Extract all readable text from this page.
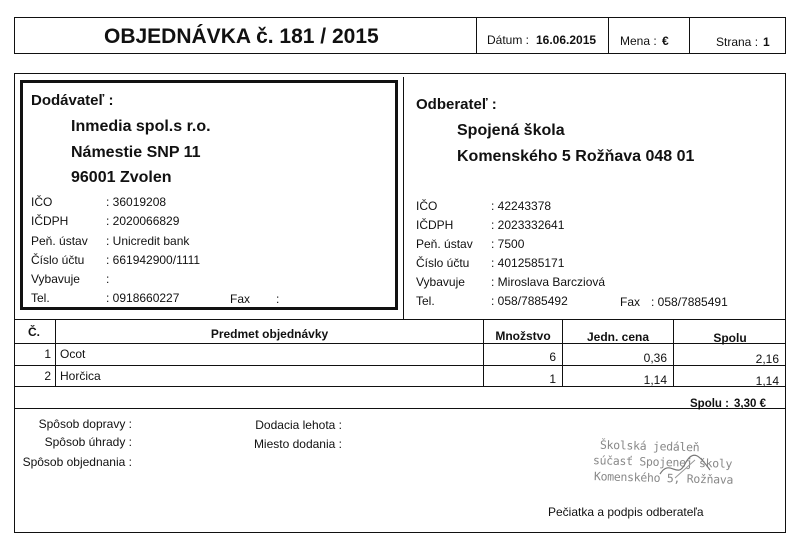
OBJEDNÁVKA č. 181 / 2015	Dátum : 16.06.2015 Mena : €	Strana : 1
Dodávateľ :
Inmedia spol.s r.o.
Námestie SNP 11
96001 Zvolen
IČO	: 36019208
IČDPH	: 2020066829
Peň. ústav : Unicredit bank
Číslo účtu : 661942900/1111
Vybavuje :
Tel.	: 0918660227	Fax :
Odberateľ :
Spojená škola
Komenského 5 Rožňava 048 01
IČO	: 42243378
IČDPH	: 2023332641
Peň. ústav : 7500
Číslo účtu : 4012585171
Vybavuje : Miroslava Barcziová
Tel.	: 058/7885492	Fax : 058/7885491
Č.	Predmet objednávky	Množstvo	Jedn. cena	Spolu
1 Ocot	6	0,36	2,16
2 Horčica	1	1,14	1,14
Spolu : 3,30 €
Spôsob dopravy :
Spôsob úhrady :
Spôsob objednania :
Dodacia lehota :
Miesto dodania :	Školská jedáleň
súčasť Spojenej školy
Komenského 5, Rožňava
Pečiatka a podpis odberateľa
